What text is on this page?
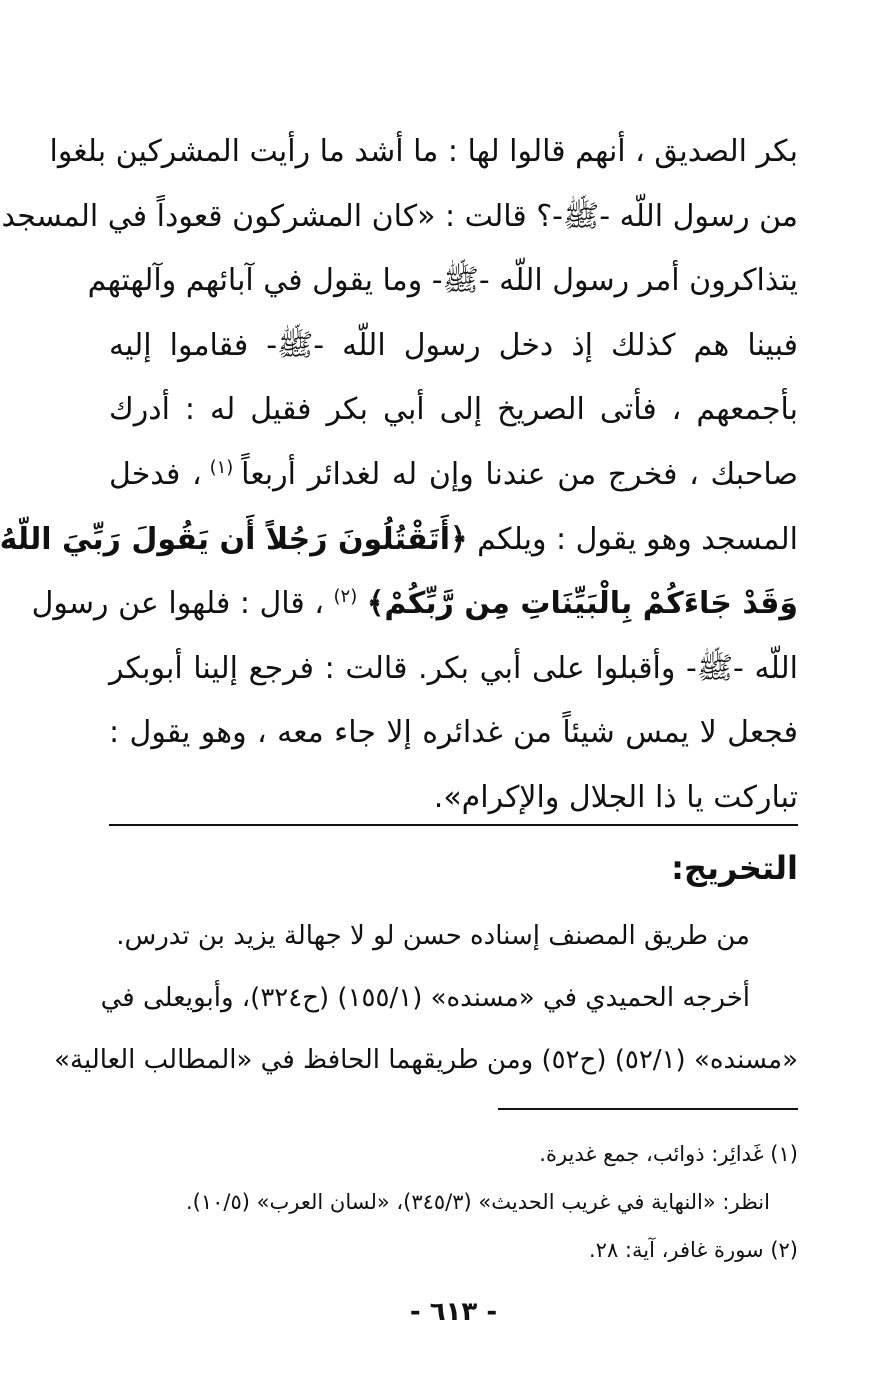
بكر الصديق ، أنهم قالوا لها : ما أشد ما رأيت المشركين بلغوا
من رسول اللّه -ﷺ-؟ قالت : «كان المشركون قعوداً في المسجد
يتذاكرون أمر رسول اللّه -ﷺ- وما يقول في آبائهم وآلهتهم
فبينا هم كذلك إذ دخل رسول اللّه -ﷺ- فقاموا إليه
بأجمعهم ، فأتى الصريخ إلى أبي بكر فقيل له : أدرك
صاحبك ، فخرج من عندنا وإن له لغدائر أربعاً $^{(١)}$ ، فدخل
المسجد وهو يقول : ويلكم ﴿أَتَقْتُلُونَ رَجُلاً أَن يَقُولَ رَبِّيَ اللّهُ
وَقَدْ جَاءَكُمْ بِالْبَيِّنَاتِ مِن رَّبِّكُمْ﴾ $^{(٢)}$ ، قال : فلهوا عن رسول
اللّه -ﷺ- وأقبلوا على أبي بكر. قالت : فرجع إلينا أبوبكر
فجعل لا يمس شيئاً من غدائره إلا جاء معه ، وهو يقول :
تباركت يا ذا الجلال والإكرام».
التخريج:
من طريق المصنف إسناده حسن لو لا جهالة يزيد بن تدرس.
أخرجه الحميدي في «مسنده» (١٥٥/١) (ح٣٢٤)، وأبويعلى في
«مسنده» (٥٢/١) (ح٥٢) ومن طريقهما الحافظ في «المطالب العالية»
(١) غَدائِر: ذوائب، جمع غديرة.
انظر: «النهاية في غريب الحديث» (٣٤٥/٣)، «لسان العرب» (١٠/٥).
(٢) سورة غافر، آية: ٢٨.
- ٦١٣ -
